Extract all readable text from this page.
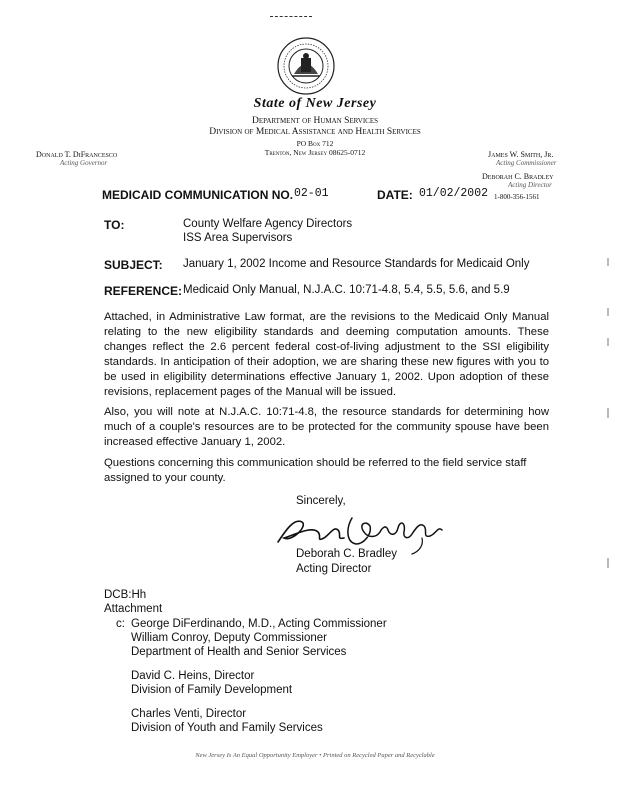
State of New Jersey
Department of Human Services
Division of Medical Assistance and Health Services
PO Box 712
Trenton, New Jersey 08625-0712
Donald T. DiFrancesco
Acting Governor
James W. Smith, Jr.
Acting Commissioner
Deborah C. Bradley
Acting Director
1-800-356-1561
MEDICAID COMMUNICATION NO. 02-01	DATE: 01/02/2002
TO:	County Welfare Agency Directors
ISS Area Supervisors
SUBJECT: January 1, 2002 Income and Resource Standards for Medicaid Only
REFERENCE: Medicaid Only Manual, N.J.A.C. 10:71-4.8, 5.4, 5.5, 5.6, and 5.9
Attached, in Administrative Law format, are the revisions to the Medicaid Only Manual relating to the new eligibility standards and deeming computation amounts. These changes reflect the 2.6 percent federal cost-of-living adjustment to the SSI eligibility standards. In anticipation of their adoption, we are sharing these new figures with you to be used in eligibility determinations effective January 1, 2002. Upon adoption of these revisions, replacement pages of the Manual will be issued.
Also, you will note at N.J.A.C. 10:71-4.8, the resource standards for determining how much of a couple's resources are to be protected for the community spouse have been increased effective January 1, 2002.
Questions concerning this communication should be referred to the field service staff assigned to your county.
Sincerely,
Deborah C. Bradley
Acting Director
DCB:Hh
Attachment
c: George DiFerdinando, M.D., Acting Commissioner
William Conroy, Deputy Commissioner
Department of Health and Senior Services
David C. Heins, Director
Division of Family Development
Charles Venti, Director
Division of Youth and Family Services
New Jersey Is An Equal Opportunity Employer • Printed on Recycled Paper and Recyclable
